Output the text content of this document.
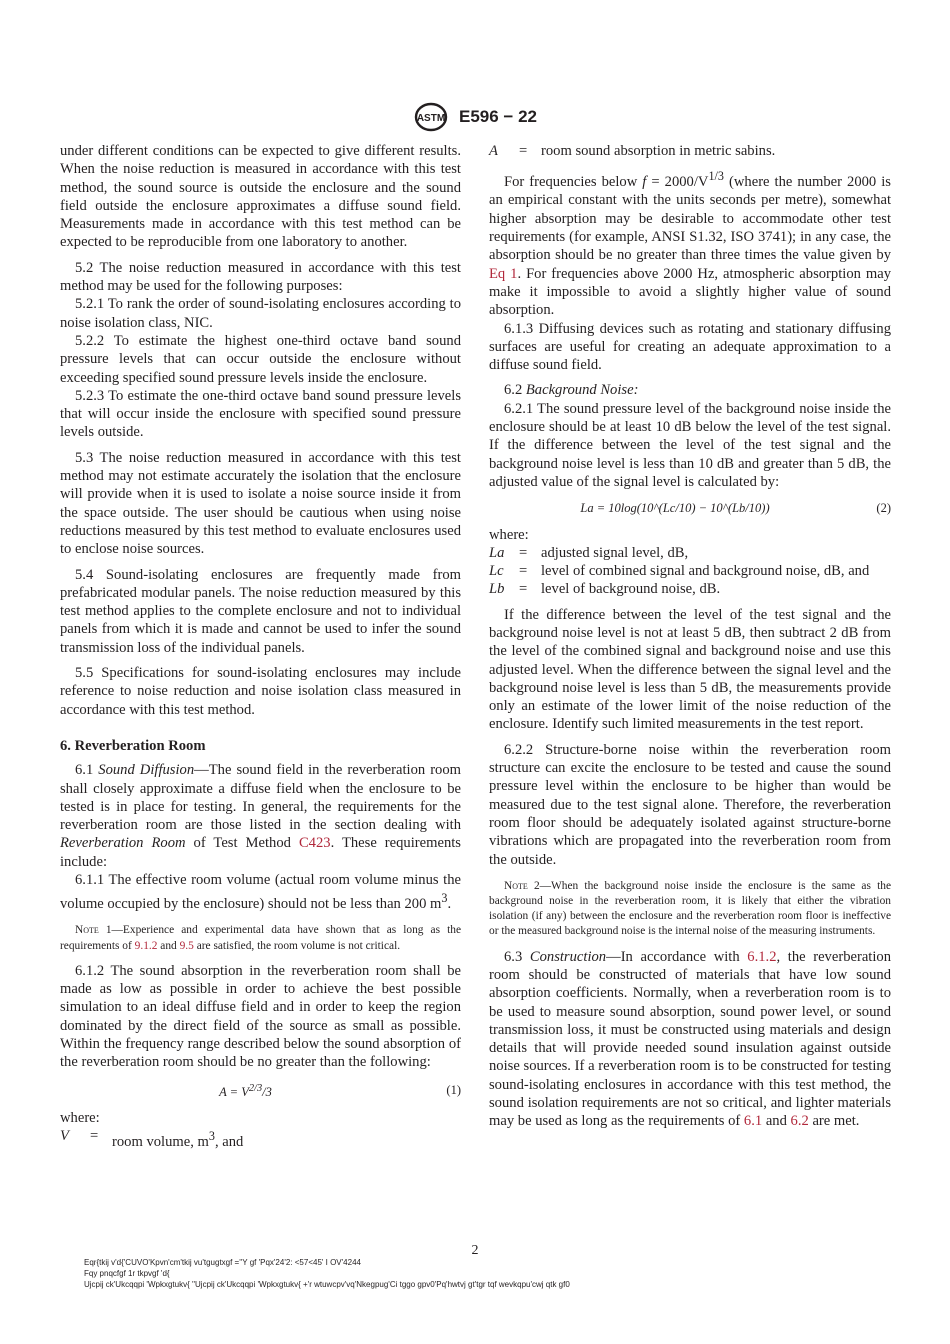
ASTM E596 − 22

under different conditions can be expected to give different results. When the noise reduction is measured in accordance with this test method, the sound source is outside the enclosure and the sound field outside the enclosure approximates a diffuse sound field. Measurements made in accordance with this test method can be expected to be reproducible from one laboratory to another.

5.2 The noise reduction measured in accordance with this test method may be used for the following purposes:

5.2.1 To rank the order of sound-isolating enclosures according to noise isolation class, NIC.

5.2.2 To estimate the highest one-third octave band sound pressure levels that can occur outside the enclosure without exceeding specified sound pressure levels inside the enclosure.

5.2.3 To estimate the one-third octave band sound pressure levels that will occur inside the enclosure with specified sound pressure levels outside.

5.3 The noise reduction measured in accordance with this test method may not estimate accurately the isolation that the enclosure will provide when it is used to isolate a noise source inside it from the space outside. The user should be cautious when using noise reductions measured by this test method to evaluate enclosures used to enclose noise sources.

5.4 Sound-isolating enclosures are frequently made from prefabricated modular panels. The noise reduction measured by this test method applies to the complete enclosure and not to individual panels from which it is made and cannot be used to infer the sound transmission loss of the individual panels.

5.5 Specifications for sound-isolating enclosures may include reference to noise reduction and noise isolation class measured in accordance with this test method.

6. Reverberation Room

6.1 Sound Diffusion—The sound field in the reverberation room shall closely approximate a diffuse field when the enclosure to be tested is in place for testing. In general, the requirements for the reverberation room are those listed in the section dealing with Reverberation Room of Test Method C423. These requirements include:

6.1.1 The effective room volume (actual room volume minus the volume occupied by the enclosure) should not be less than 200 $m^3$.

Note 1—Experience and experimental data have shown that as long as the requirements of 9.1.2 and 9.5 are satisfied, the room volume is not critical.

6.1.2 The sound absorption in the reverberation room shall be made as low as possible in order to achieve the best possible simulation to an ideal diffuse field and in order to keep the region dominated by the direct field of the source as small as possible. Within the frequency range described below the sound absorption of the reverberation room should be no greater than the following:

$A = V^{2/3}/3$	(1)

where:

V	= room volume, $m^3$, and
A	= room sound absorption in metric sabins.

For frequencies below $f = 2000/V^{1/3}$ (where the number 2000 is an empirical constant with the units seconds per metre), somewhat higher absorption may be desirable to accommodate other test requirements (for example, ANSI S1.32, ISO 3741); in any case, the absorption should be no greater than three times the value given by Eq 1. For frequencies above 2000 Hz, atmospheric absorption may make it impossible to avoid a slightly higher value of sound absorption.

6.1.3 Diffusing devices such as rotating and stationary diffusing surfaces are useful for creating an adequate approximation to a diffuse sound field.

6.2 Background Noise:

6.2.1 The sound pressure level of the background noise inside the enclosure should be at least 10 dB below the level of the test signal. If the difference between the level of the test signal and the background noise level is less than 10 dB and greater than 5 dB, the adjusted value of the signal level is calculated by:

La = 10log(10^(Lc/10) − 10^(Lb/10))	(2)

where:

La = adjusted signal level, dB,
Lc	= level of combined signal and background noise, dB, and
Lb = level of background noise, dB.

If the difference between the level of the test signal and the background noise level is not at least 5 dB, then subtract 2 dB from the level of the combined signal and background noise and use this adjusted level. When the difference between the signal level and the background noise level is less than 5 dB, the measurements provide only an estimate of the lower limit of the noise reduction of the enclosure. Identify such limited measurements in the test report.

6.2.2 Structure-borne noise within the reverberation room structure can excite the enclosure to be tested and cause the sound pressure level within the enclosure to be higher than would be measured due to the test signal alone. Therefore, the reverberation room floor should be adequately isolated against structure-borne vibrations which are propagated into the reverberation room from the outside.

Note 2—When the background noise inside the enclosure is the same as the background noise in the reverberation room, it is likely that either the vibration isolation (if any) between the enclosure and the reverberation room floor is ineffective or the measured background noise is the internal noise of the measuring instruments.

6.3 Construction—In accordance with 6.1.2, the reverberation room should be constructed of materials that have low sound absorption coefficients. Normally, when a reverberation room is to be used to measure sound absorption, sound power level, or sound transmission loss, it must be constructed using materials and design details that will provide needed sound insulation against outside noise sources. If a reverberation room is to be constructed for testing sound-isolating enclosures in accordance with this test method, the sound isolation requirements are not so critical, and lighter materials may be used as long as the requirements of 6.1 and 6.2 are met.

2
Eqr{tkij v'd{'CUVO'Kpvn'cm'tkij vu'tgugtxgf =''Y gf 'Pqx'24'2: <57<45' I OV'4244
Fqy pnqcfgf 1r tkpvgf 'd{
Ujcpij ck'Ukcqqpi 'Wpkxgtukv{ ''Ujcpij ck'Ukcqqpi 'Wpkxgtukv{ +'r wtuwcpv'vq'Nkegpug'Ci tggo gpv0'Pq'hwtvj gt'tgr tqf wevkqpu'cwj qtk gf0
